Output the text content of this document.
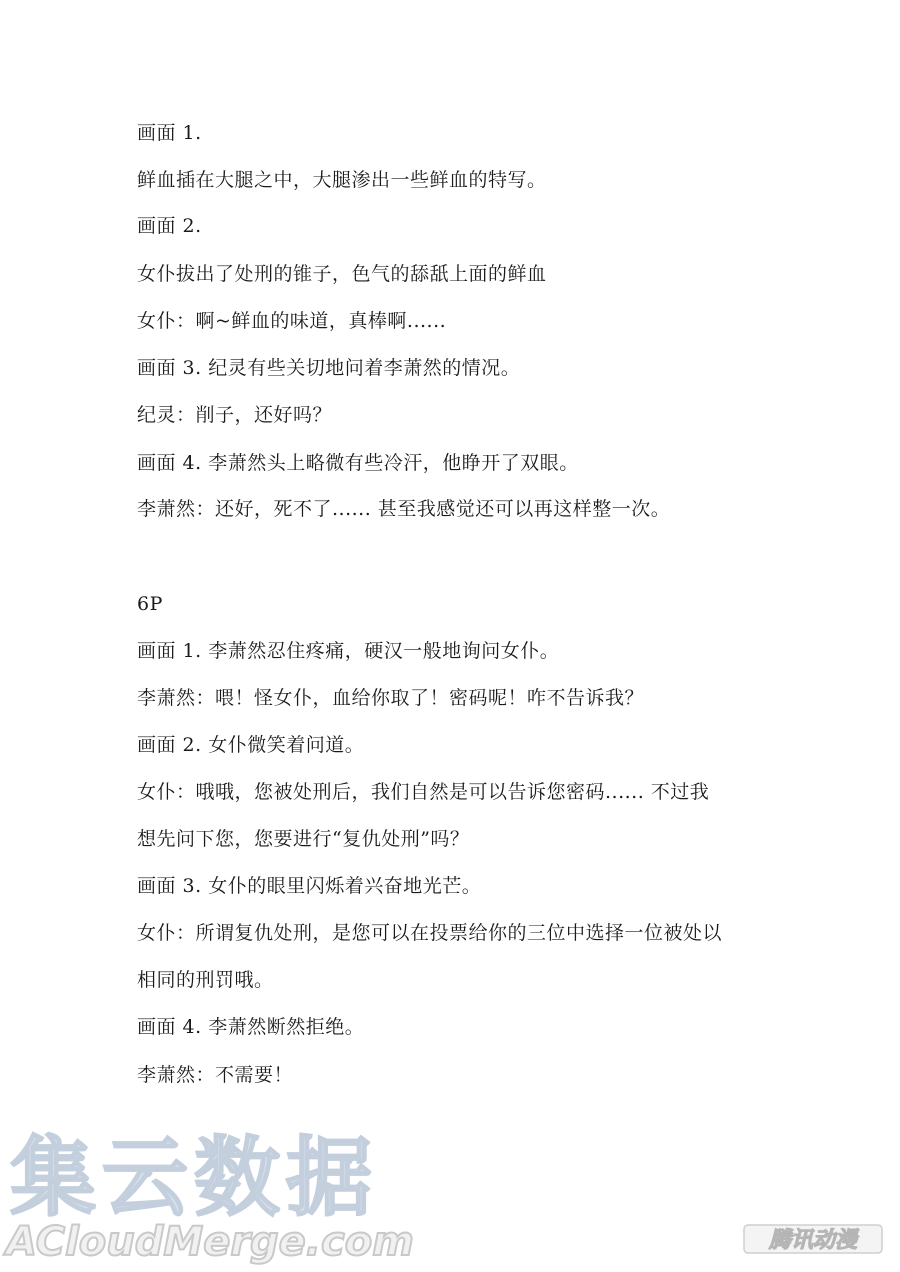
画面 1.
鲜血插在大腿之中，大腿渗出一些鲜血的特写。
画面 2.
女仆拔出了处刑的锥子，色气的舔舐上面的鲜血
女仆：啊~鲜血的味道，真棒啊......
画面 3. 纪灵有些关切地问着李萧然的情况。
纪灵：削子，还好吗？
画面 4. 李萧然头上略微有些冷汗，他睁开了双眼。
李萧然：还好，死不了...... 甚至我感觉还可以再这样整一次。
6P
画面 1. 李萧然忍住疼痛，硬汉一般地询问女仆。
李萧然：喂！怪女仆，血给你取了！密码呢！咋不告诉我？
画面 2. 女仆微笑着问道。
女仆：哦哦，您被处刑后，我们自然是可以告诉您密码...... 不过我
想先问下您，您要进行“复仇处刑”吗？
画面 3. 女仆的眼里闪烁着兴奋地光芒。
女仆：所谓复仇处刑，是您可以在投票给你的三位中选择一位被处以
相同的刑罚哦。
画面 4. 李萧然断然拒绝。
李萧然：不需要！
集云数据
ACloudMerge.com	腾讯动漫
